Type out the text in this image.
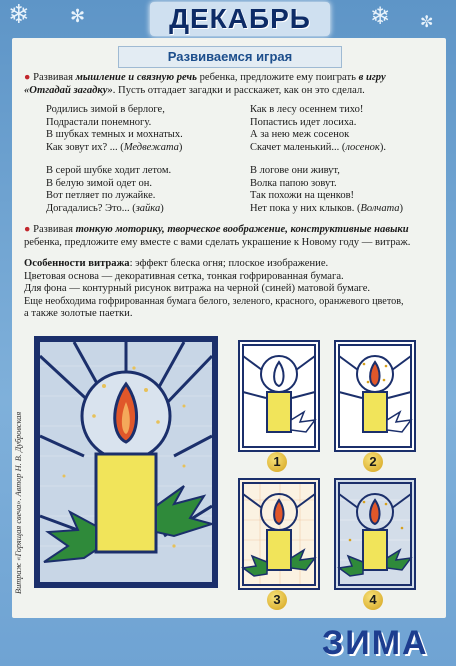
❄ ✻	❄ ✼
ДЕКАБРЬ
Развиваемся играя
● Развивая мышление и связную речь ребенка, предложите ему поиграть в игру «Отгадай загадку». Пусть отгадает загадки и расскажет, как он это сделал.
Родились зимой в берлоге,
Подрастали понемногу.
В шубках темных и мохнатых.
Как зовут их? ... (Медвежата)
В серой шубке ходит летом.
В белую зимой одет он.
Вот петляет по лужайке.
Догадались? Это... (зайка)
Как в лесу осеннем тихо!
Попастись идет лосиха.
А за нею меж сосенок
Скачет маленький... (лосенок).
В логове они живут,
Волка папою зовут.
Так похожи на щенков!
Нет пока у них клыков. (Волчата)
● Развивая тонкую моторику, творческое воображение, конструктивные навыки ребенка, предложите ему вместе с вами сделать украшение к Новому году — витраж.
Особенности витража: эффект блеска огня; плоское изображение.
Цветовая основа — декоративная сетка, тонкая гофрированная бумага.
Для фона — контурный рисунок витража на черной (синей) матовой бумаге.
Еще необходима гофрированная бумага белого, зеленого, красного, оранжевого цветов,
а также золотые паетки.
Витраж «Горящая свеча». Автор Н. В. Дубровская	1	2
3	4
ЗИМА
